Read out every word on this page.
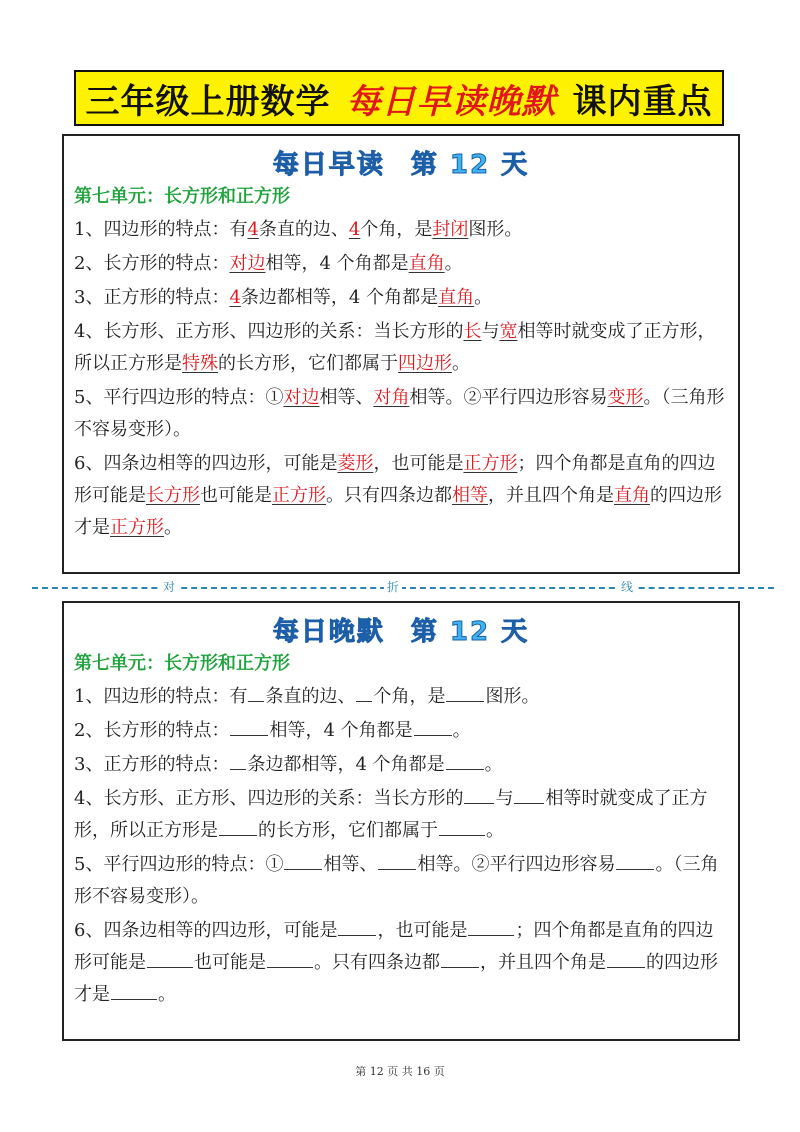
三年级上册数学 每日早读晚默 课内重点
每日早读 第 12 天
第七单元：长方形和正方形

1、四边形的特点：有4条直的边、4个角，是封闭图形。

2、长方形的特点：对边相等，4 个角都是直角。

3、正方形的特点：4条边都相等，4 个角都是直角。

4、长方形、正方形、四边形的关系：当长方形的长与宽相等时就变成了正方形，所以正方形是特殊的长方形，它们都属于四边形。

5、平行四边形的特点：①对边相等、对角相等。②平行四边形容易变形。（三角形不容易变形）。

6、四条边相等的四边形，可能是菱形，也可能是正方形；四个角都是直角的四边形可能是长方形也可能是正方形。只有四条边都相等，并且四个角是直角的四边形才是正方形。

对	折	线
每日晚默 第 12 天
第七单元：长方形和正方形

1、四边形的特点：有 条直的边、 个角，是 图形。

2、长方形的特点： 相等，4 个角都是 。

3、正方形的特点： 条边都相等，4 个角都是 。

4、长方形、正方形、四边形的关系：当长方形的 与 相等时就变成了正方形，所以正方形是 的长方形，它们都属于	。

5、平行四边形的特点：① 相等、 相等。②平行四边形容易 。（三角形不容易变形）。

6、四条边相等的四边形，可能是 ，也可能是	；四个角都是直角的四边形可能是	也可能是	。只有四条边都 ，并且四个角是 的四边形才是	。

第 12 页 共 16 页
